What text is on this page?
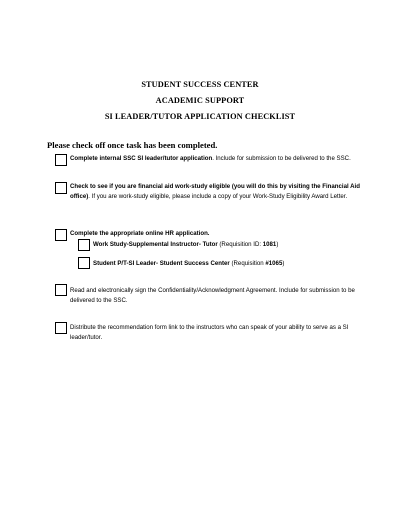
STUDENT SUCCESS CENTER
ACADEMIC SUPPORT
SI LEADER/TUTOR APPLICATION CHECKLIST
Please check off once task has been completed.
Complete internal SSC SI leader/tutor application. Include for submission to be delivered to the SSC.
Check to see if you are financial aid work-study eligible (you will do this by visiting the Financial Aid office). If you are work-study eligible, please include a copy of your Work-Study Eligibility Award Letter.
Complete the appropriate online HR application.
Work Study-Supplemental Instructor- Tutor (Requisition ID: 1081)
Student P/T-SI Leader- Student Success Center (Requisition #1065)
Read and electronically sign the Confidentiality/Acknowledgment Agreement. Include for submission to be delivered to the SSC.
Distribute the recommendation form link to the instructors who can speak of your ability to serve as a SI leader/tutor.
